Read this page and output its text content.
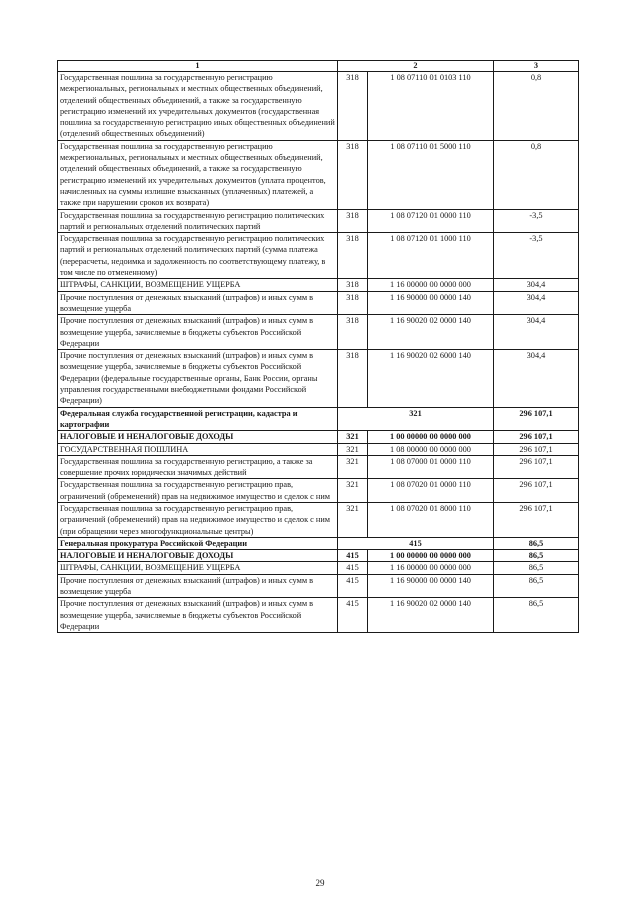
1	2		3
Государственная пошлина за государственную регистрацию межрегиональных, региональных и местных общественных объединений, отделений общественных объединений, а также за государственную регистрацию изменений их учредительных документов (государственная пошлина за государственную регистрацию иных общественных объединений (отделений общественных объединений)	318	1 08 07110 01 0103 110	0,8
Государственная пошлина за государственную регистрацию межрегиональных, региональных и местных общественных объединений, отделений общественных объединений, а также за государственную регистрацию изменений их учредительных документов (уплата процентов, начисленных на суммы излишне взысканных (уплаченных) платежей, а также при нарушении сроков их возврата)	318	1 08 07110 01 5000 110	0,8
Государственная пошлина за государственную регистрацию политических партий и региональных отделений политических партий	318	1 08 07120 01 0000 110	-3,5
Государственная пошлина за государственную регистрацию политических партий и региональных отделений политических партий (сумма платежа (перерасчеты, недоимка и задолженность по соответствующему платежу, в том числе по отмененному)	318	1 08 07120 01 1000 110	-3,5
ШТРАФЫ, САНКЦИИ, ВОЗМЕЩЕНИЕ УЩЕРБА	318	1 16 00000 00 0000 000	304,4
Прочие поступления от денежных взысканий (штрафов) и иных сумм в возмещение ущерба	318	1 16 90000 00 0000 140	304,4
Прочие поступления от денежных взысканий (штрафов) и иных сумм в возмещение ущерба, зачисляемые в бюджеты субъектов Российской Федерации	318	1 16 90020 02 0000 140	304,4
Прочие поступления от денежных взысканий (штрафов) и иных сумм в возмещение ущерба, зачисляемые в бюджеты субъектов Российской Федерации (федеральные государственные органы, Банк России, органы управления государственными внебюджетными фондами Российской Федерации)	318	1 16 90020 02 6000 140	304,4
Федеральная служба государственной регистрации, кадастра и картографии	321		296 107,1
НАЛОГОВЫЕ И НЕНАЛОГОВЫЕ ДОХОДЫ	321	1 00 00000 00 0000 000	296 107,1
ГОСУДАРСТВЕННАЯ ПОШЛИНА	321	1 08 00000 00 0000 000	296 107,1
Государственная пошлина за государственную регистрацию, а также за совершение прочих юридически значимых действий	321	1 08 07000 01 0000 110	296 107,1
Государственная пошлина за государственную регистрацию прав, ограничений (обременений) прав на недвижимое имущество и сделок с ним	321	1 08 07020 01 0000 110	296 107,1
Государственная пошлина за государственную регистрацию прав, ограничений (обременений) прав на недвижимое имущество и сделок с ним (при обращении через многофункциональные центры)	321	1 08 07020 01 8000 110	296 107,1
Генеральная прокуратура Российской Федерации	415		86,5
НАЛОГОВЫЕ И НЕНАЛОГОВЫЕ ДОХОДЫ	415	1 00 00000 00 0000 000	86,5
ШТРАФЫ, САНКЦИИ, ВОЗМЕЩЕНИЕ УЩЕРБА	415	1 16 00000 00 0000 000	86,5
Прочие поступления от денежных взысканий (штрафов) и иных сумм в возмещение ущерба	415	1 16 90000 00 0000 140	86,5
Прочие поступления от денежных взысканий (штрафов) и иных сумм в возмещение ущерба, зачисляемые в бюджеты субъектов Российской Федерации	415	1 16 90020 02 0000 140	86,5
29
